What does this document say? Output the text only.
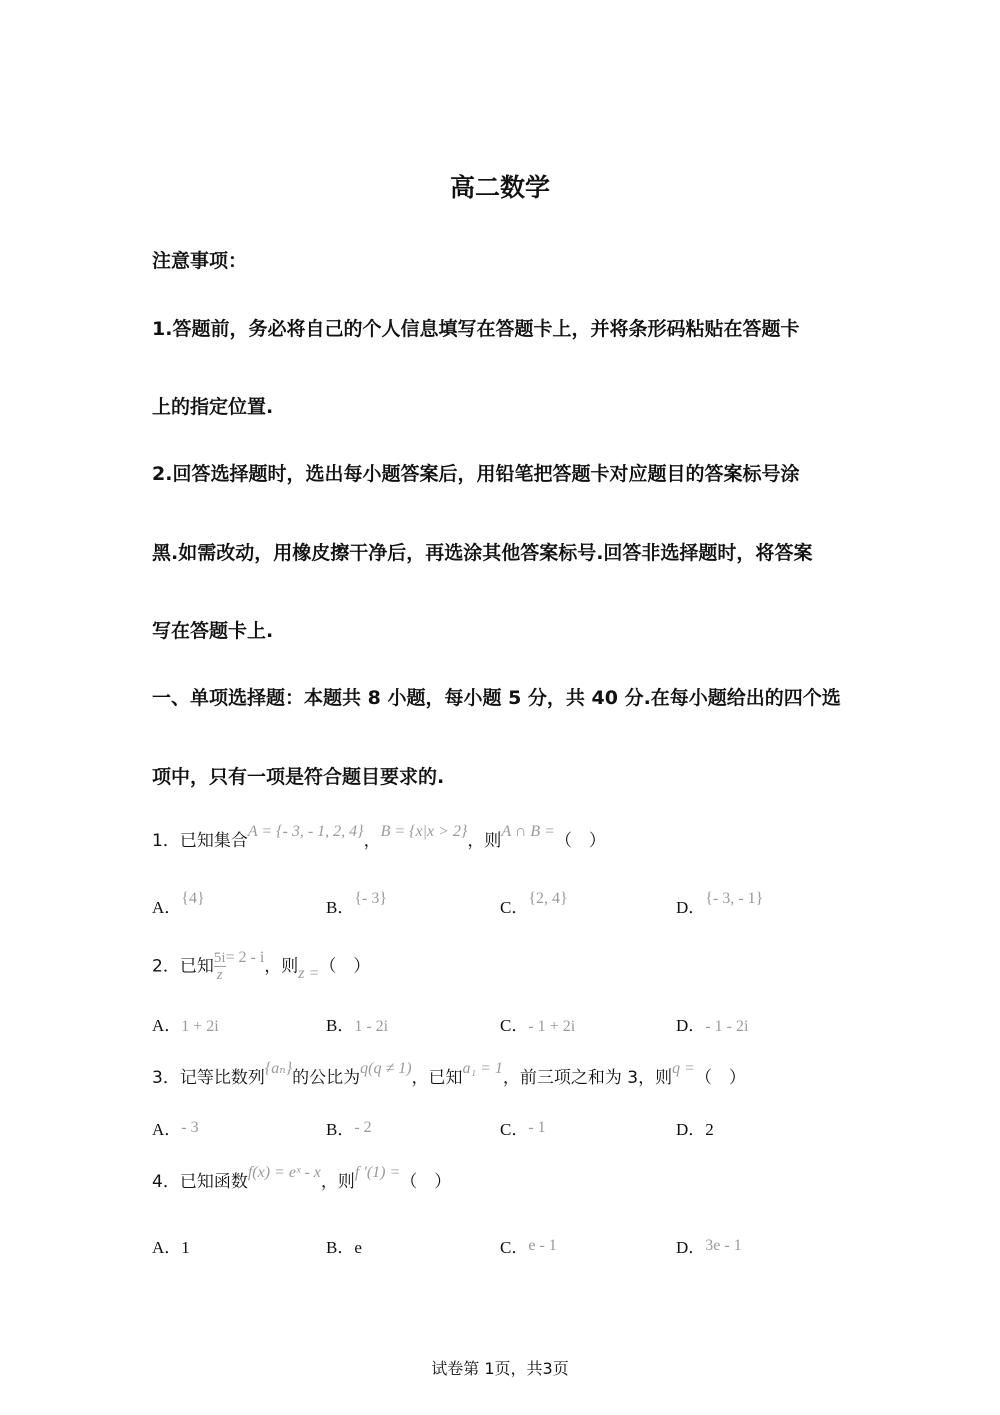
高二数学
注意事项：
1.答题前，务必将自己的个人信息填写在答题卡上，并将条形码粘贴在答题卡
上的指定位置.
2.回答选择题时，选出每小题答案后，用铅笔把答题卡对应题目的答案标号涂
黑.如需改动，用橡皮擦干净后，再选涂其他答案标号.回答非选择题时，将答案
写在答题卡上.
一、单项选择题：本题共 8 小题，每小题 5 分，共 40 分.在每小题给出的四个选
项中，只有一项是符合题目要求的.
1．已知集合A = {- 3, - 1, 2, 4}，B = {x|x > 2}，则A ∩ B =（　）
A．{4}	B．{- 3}	C．{2, 4}	D．{- 3, - 1}
2．已知 $\frac{5i}{z} = 2 - i$，则z =（　）
A．1 + 2i	B．1 - 2i	C．- 1 + 2i	D．- 1 - 2i
3．记等比数列{aₙ}的公比为q(q ≠ 1)，已知a₁ = 1，前三项之和为 3，则q =（　）
A．- 3	B．- 2	C．- 1	D．2
4．已知函数f(x) = eˣ - x，则f ′(1) =（　）
A．1	B．e	C．e - 1	D．3e - 1
试卷第 1页，共3页
